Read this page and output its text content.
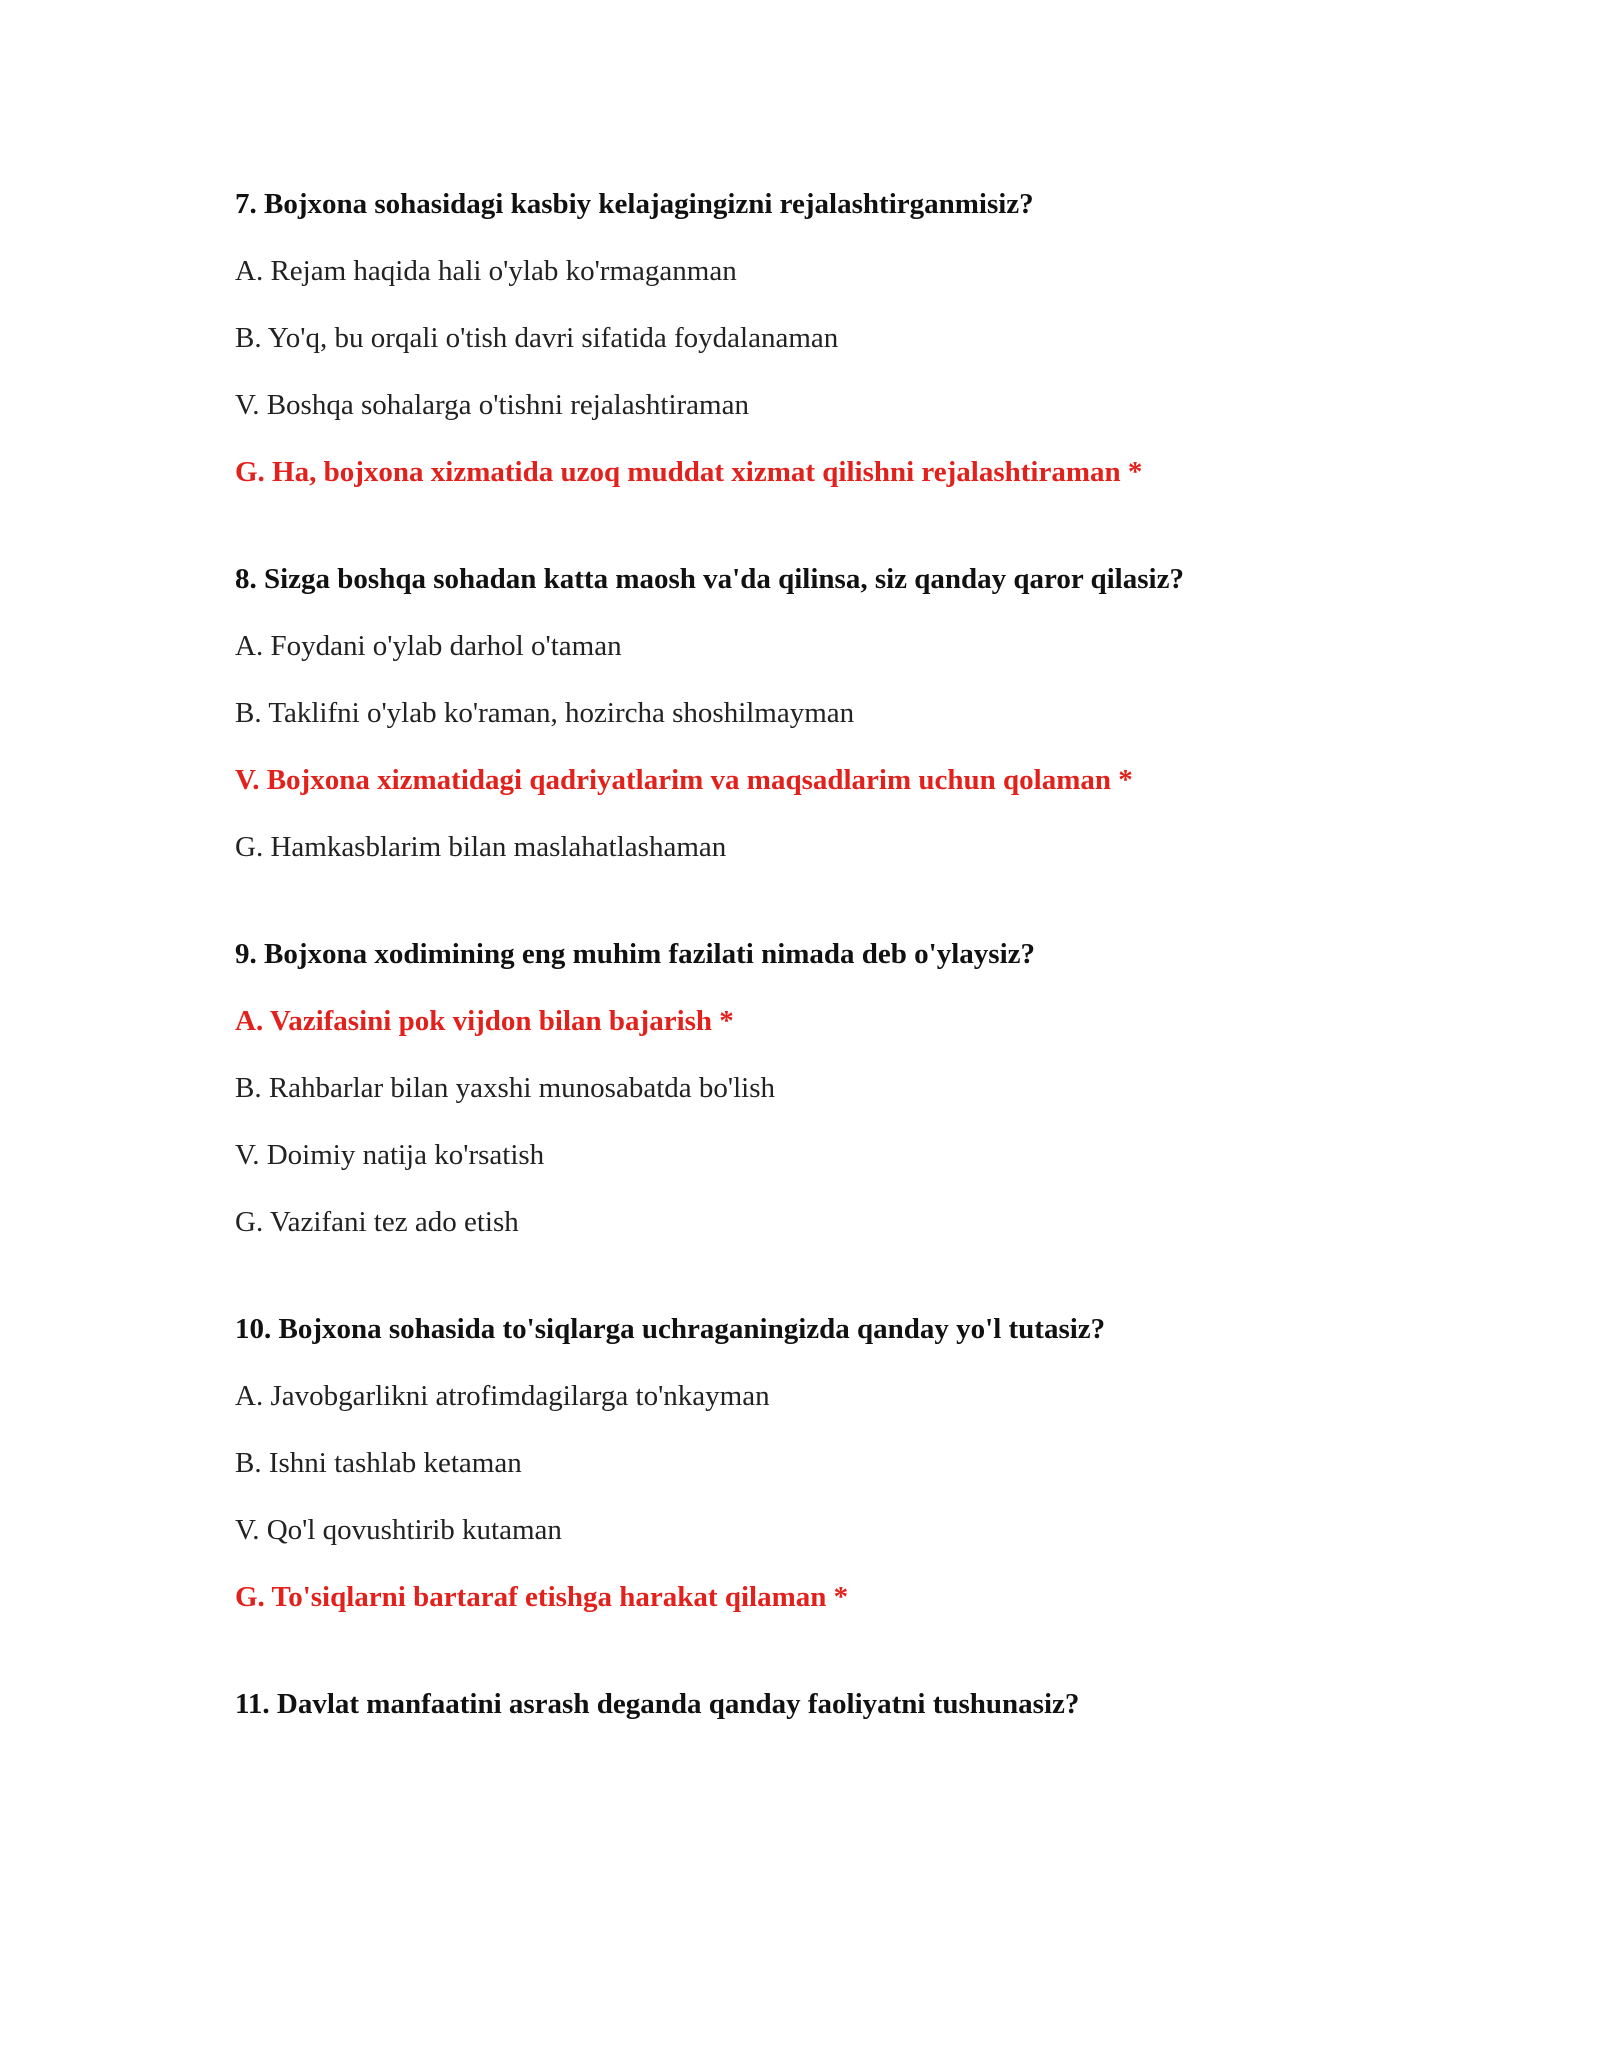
7. Bojxona sohasidagi kasbiy kelajagingizni rejalashtirganmisiz?
A. Rejam haqida hali o'ylab ko'rmaganman
B. Yo'q, bu orqali o'tish davri sifatida foydalanaman
V. Boshqa sohalarga o'tishni rejalashtiraman
G. Ha, bojxona xizmatida uzoq muddat xizmat qilishni rejalashtiraman *
8. Sizga boshqa sohadan katta maosh va'da qilinsa, siz qanday qaror qilasiz?
A. Foydani o'ylab darhol o'taman
B. Taklifni o'ylab ko'raman, hozircha shoshilmayman
V. Bojxona xizmatidagi qadriyatlarim va maqsadlarim uchun qolaman *
G. Hamkasblarim bilan maslahatlashaman
9. Bojxona xodimining eng muhim fazilati nimada deb o'ylaysiz?
A. Vazifasini pok vijdon bilan bajarish *
B. Rahbarlar bilan yaxshi munosabatda bo'lish
V. Doimiy natija ko'rsatish
G. Vazifani tez ado etish
10. Bojxona sohasida to'siqlarga uchraganingizda qanday yo'l tutasiz?
A. Javobgarlikni atrofimdagilarga to'nkayman
B. Ishni tashlab ketaman
V. Qo'l qovushtirib kutaman
G. To'siqlarni bartaraf etishga harakat qilaman *
11. Davlat manfaatini asrash deganda qanday faoliyatni tushunasiz?
